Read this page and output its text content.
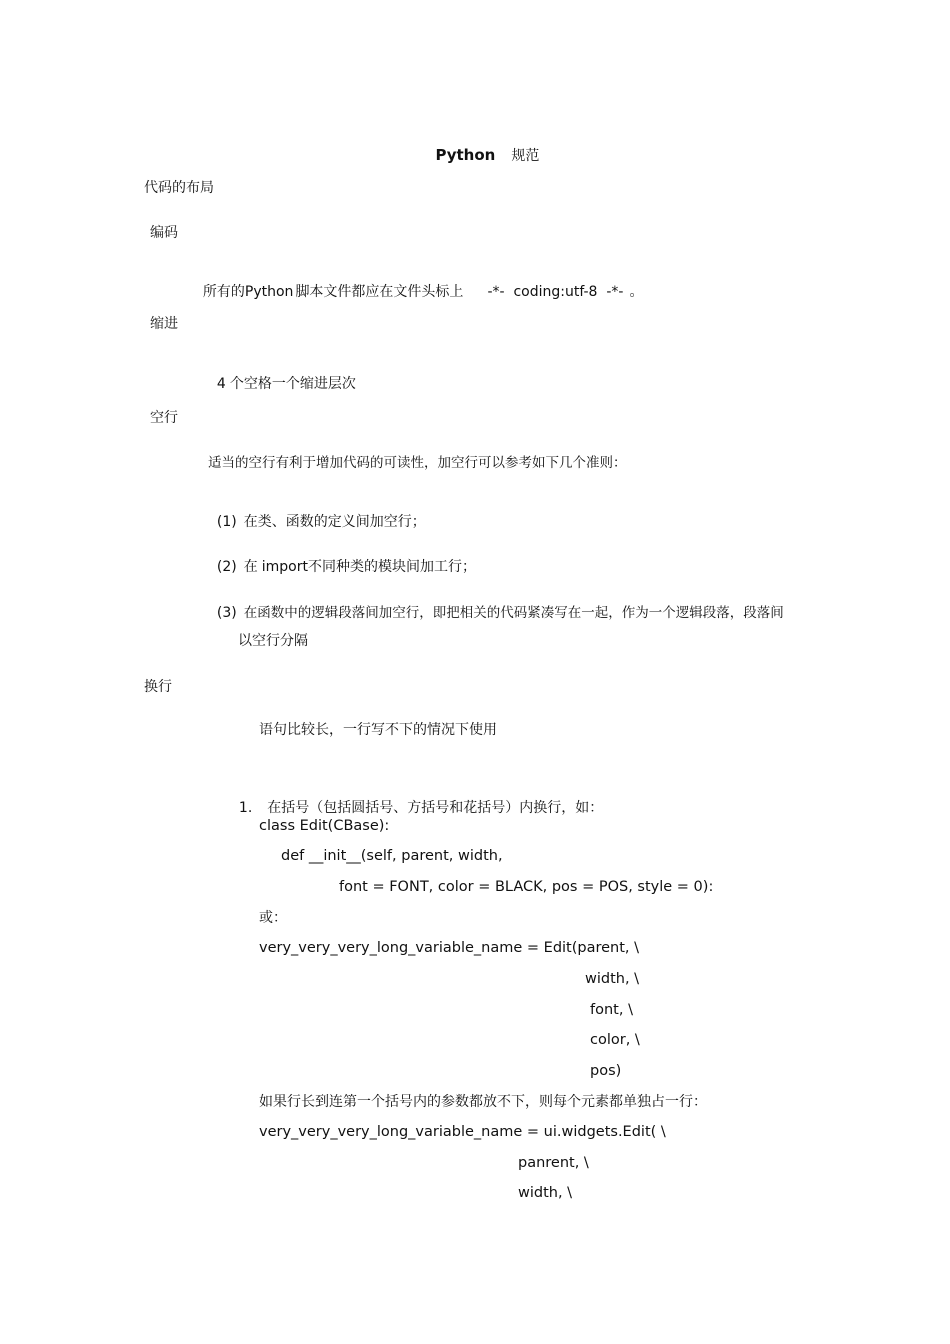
Python 规范

代码的布局
编码

所有的Python 脚本文件都应在文件头标上 -*-  coding:utf-8  -*- 。

缩进

4 个空格一个缩进层次

空行
适当的空行有利于增加代码的可读性，加空行可以参考如下几个准则：

(1) 在类、函数的定义间加空行；

(2) 在 import不同种类的模块间加工行；

(3) 在函数中的逻辑段落间加空行，即把相关的代码紧凑写在一起，作为一个逻辑段落，段落间

以空行分隔
换行
语句比较长，一行写不下的情况下使用

1. 在括号（包括圆括号、方括号和花括号）内换行，如：

class Edit(CBase):
def __init__(self, parent, width,
font = FONT, color = BLACK, pos = POS, style = 0):
或：
very_very_very_long_variable_name = Edit(parent, \
width, \
font, \
color, \
pos)
如果行长到连第一个括号内的参数都放不下，则每个元素都单独占一行：
very_very_very_long_variable_name = ui.widgets.Edit( \
panrent, \
width, \
